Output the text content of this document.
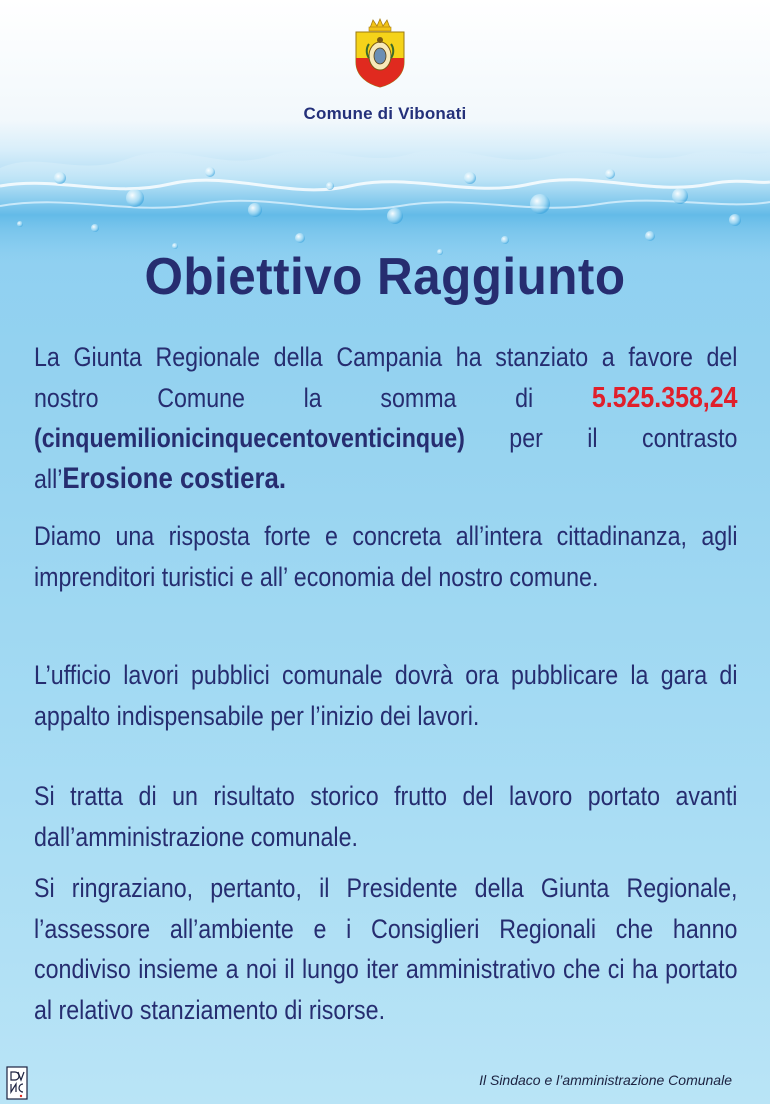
Comune di Vibonati
Obiettivo Raggiunto
La Giunta Regionale della Campania ha stanziato a favore del nostro Comune la somma di 5.525.358,24 (cinquemilionicinquecentoventicinque) per il contrasto all’Erosione costiera.
Diamo una risposta forte e concreta all’intera cittadinanza, agli imprenditori turistici e all’ economia del nostro comune.
L’ufficio lavori pubblici comunale dovrà ora pubblicare la gara di appalto indispensabile per l’inizio dei lavori.
Si tratta di un risultato storico frutto del lavoro portato avanti dall’amministrazione comunale.
Si ringraziano, pertanto, il Presidente della Giunta Regionale, l’assessore all’ambiente e i Consiglieri Regionali che hanno condiviso insieme a noi il lungo iter amministrativo che ci ha portato al relativo stanziamento di risorse.
Il Sindaco e l’amministrazione Comunale
